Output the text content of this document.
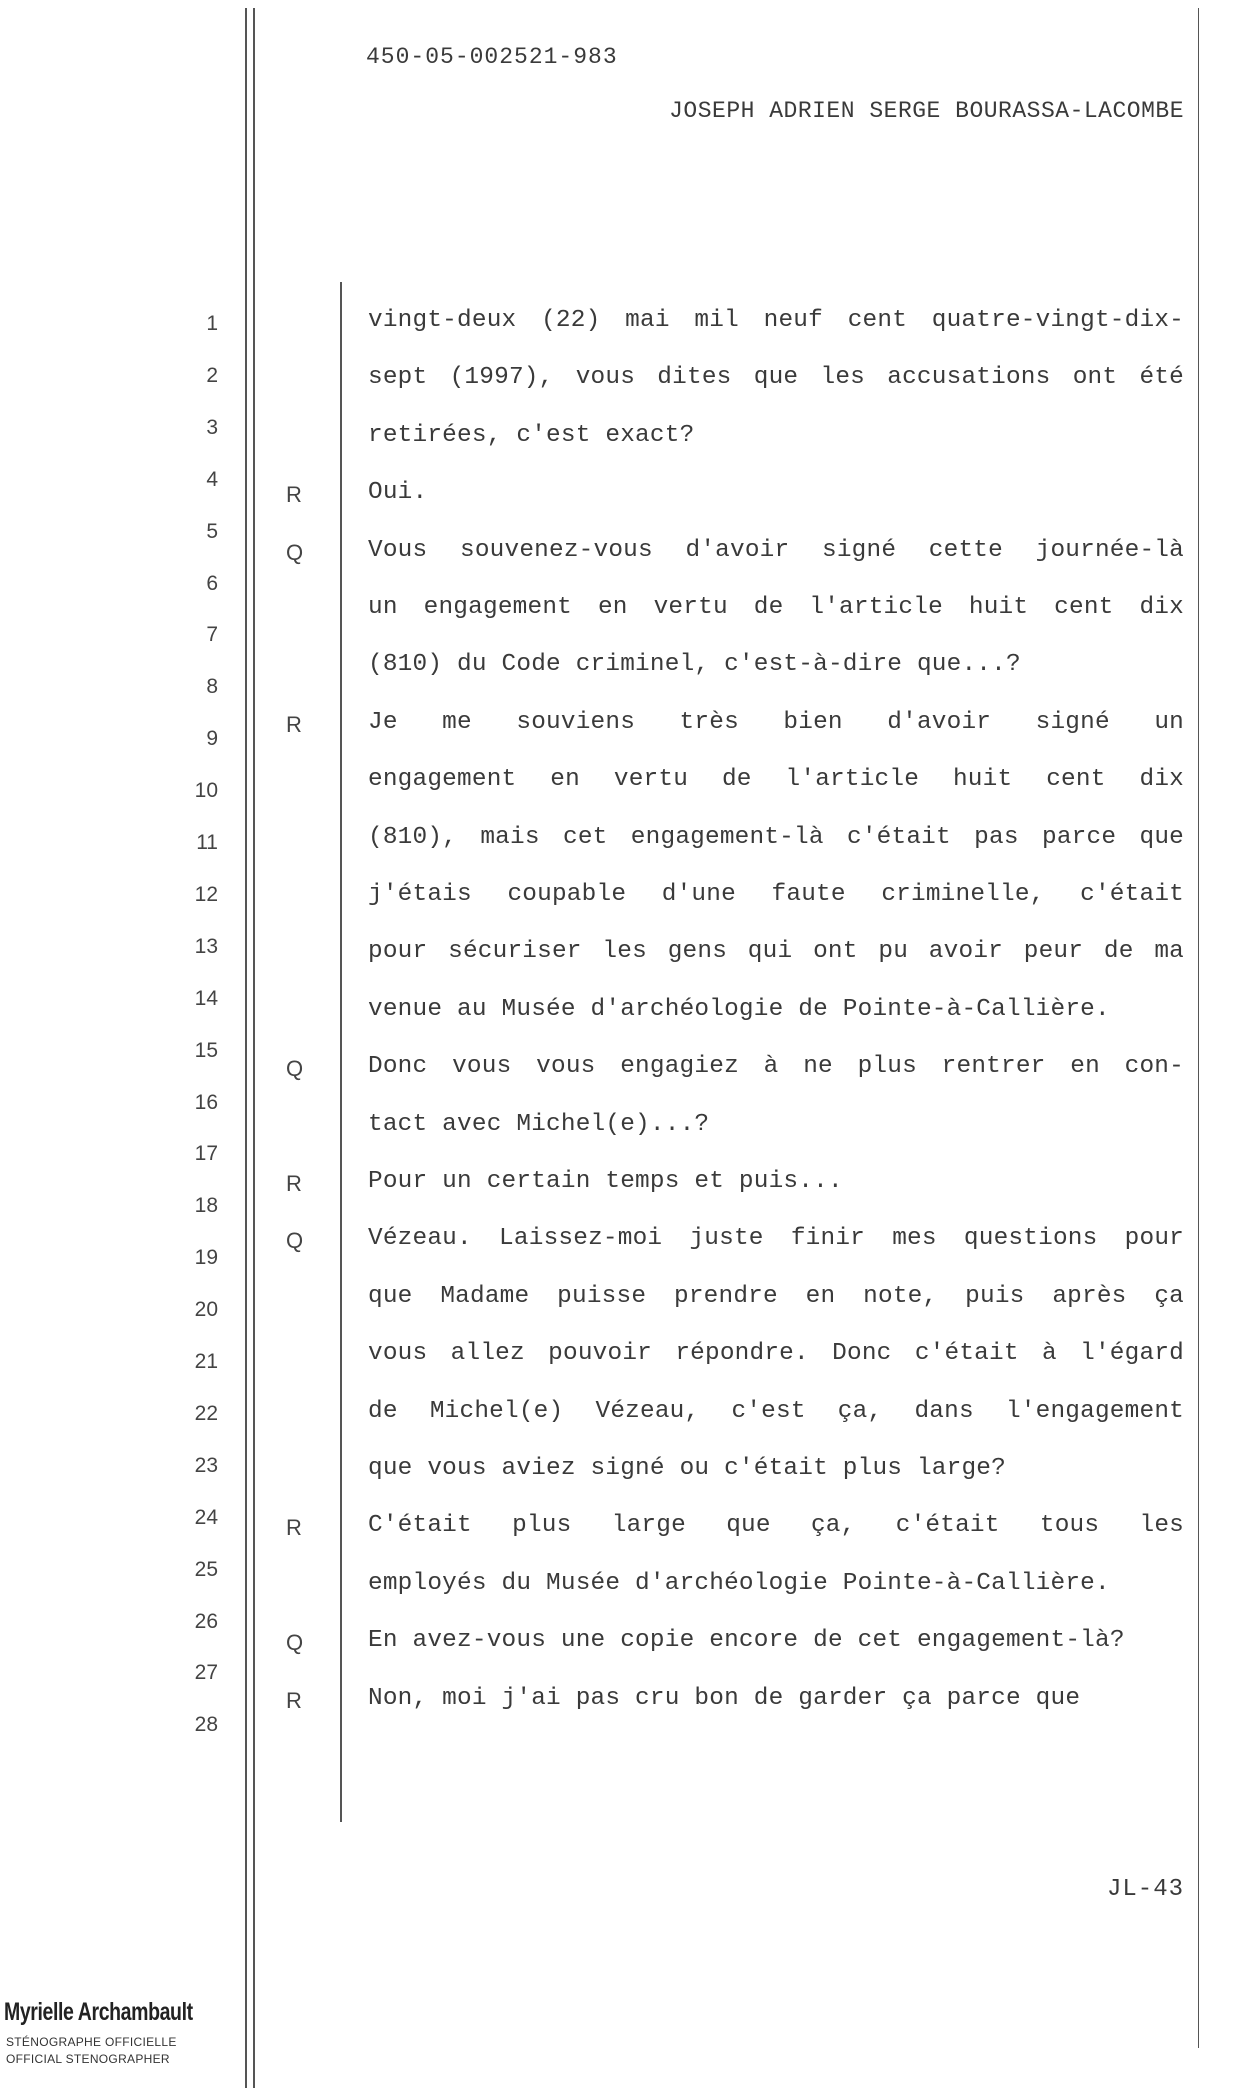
450-05-002521-983
JOSEPH ADRIEN SERGE BOURASSA-LACOMBE
1	vingt-deux (22) mai mil neuf cent quatre-vingt-dix-
2	sept (1997), vous dites que les accusations ont été
3	retirées, c'est exact?
4
R	Oui.
5
Q	Vous souvenez-vous d'avoir signé cette journée-là
6
un engagement en vertu de l'article huit cent dix
7
(810) du Code criminel, c'est-à-dire que...?
8
R	Je me souviens très bien d'avoir signé un
9
engagement en vertu de l'article huit cent dix
10
(810), mais cet engagement-là c'était pas parce que
11
j'étais coupable d'une faute criminelle, c'était
12
pour sécuriser les gens qui ont pu avoir peur de ma
13
venue au Musée d'archéologie de Pointe-à-Callière.
14
Q	Donc vous vous engagiez à ne plus rentrer en con-
15
tact avec Michel(e)...?
16
R	Pour un certain temps et puis...
17
Q	Vézeau. Laissez-moi juste finir mes questions pour
18
que Madame puisse prendre en note, puis après ça
19
vous allez pouvoir répondre. Donc c'était à l'égard
20
de Michel(e) Vézeau, c'est ça, dans l'engagement
21
que vous aviez signé ou c'était plus large?
22
R	C'était plus large que ça, c'était tous les
23
employés du Musée d'archéologie Pointe-à-Callière.
24
Q	En avez-vous une copie encore de cet engagement-là?
25
R	Non, moi j'ai pas cru bon de garder ça parce que
26
27
28
JL-43
Myrielle Archambault
STÉNOGRAPHE OFFICIELLE
OFFICIAL STENOGRAPHER
